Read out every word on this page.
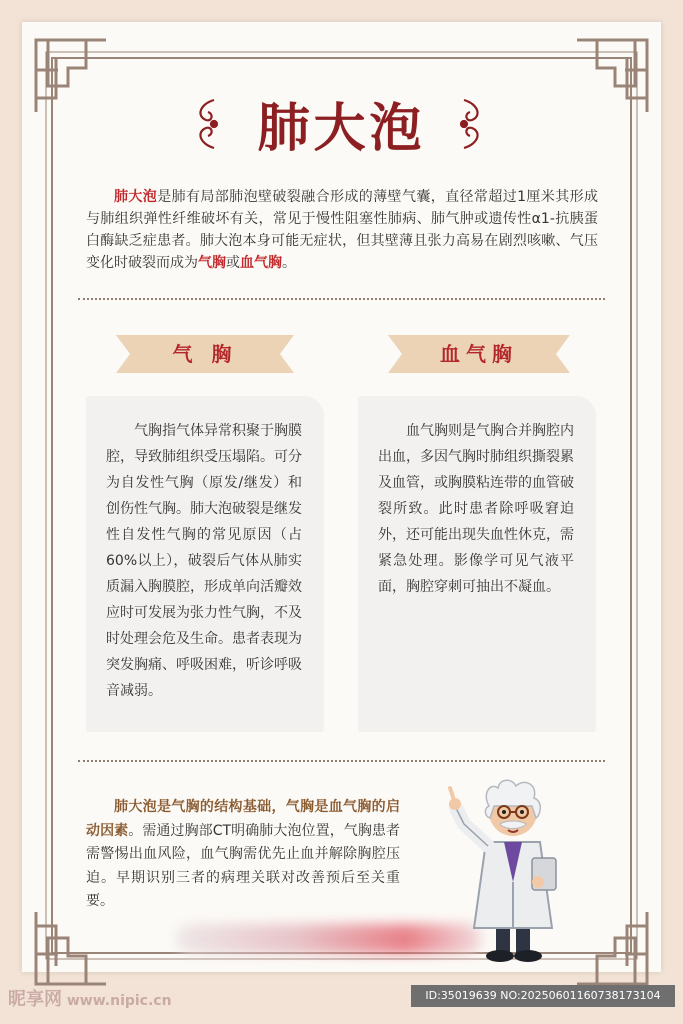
肺大泡

肺大泡是肺有局部肺泡壁破裂融合形成的薄壁气囊，直径常超过1厘米其形成与肺组织弹性纤维破坏有关，常见于慢性阻塞性肺病、肺气肿或遗传性α1-抗胰蛋白酶缺乏症患者。肺大泡本身可能无症状，但其壁薄且张力高易在剧烈咳嗽、气压变化时破裂而成为气胸或血气胸。

气 胸	血气胸

气胸指气体异常积聚于胸膜腔，导致肺组织受压塌陷。可分为自发性气胸（原发/继发）和创伤性气胸。肺大泡破裂是继发性自发性气胸的常见原因（占60%以上），破裂后气体从肺实质漏入胸膜腔，形成单向活瓣效应时可发展为张力性气胸，不及时处理会危及生命。患者表现为突发胸痛、呼吸困难，听诊呼吸音减弱。

血气胸则是气胸合并胸腔内出血，多因气胸时肺组织撕裂累及血管，或胸膜粘连带的血管破裂所致。此时患者除呼吸窘迫外，还可能出现失血性休克，需紧急处理。影像学可见气液平面，胸腔穿刺可抽出不凝血。

肺大泡是气胸的结构基础，气胸是血气胸的启动因素。需通过胸部CT明确肺大泡位置，气胸患者需警惕出血风险，血气胸需优先止血并解除胸腔压迫。早期识别三者的病理关联对改善预后至关重要。

昵享网 www.nipic.cn	ID:35019639 NO:20250601160738173104
